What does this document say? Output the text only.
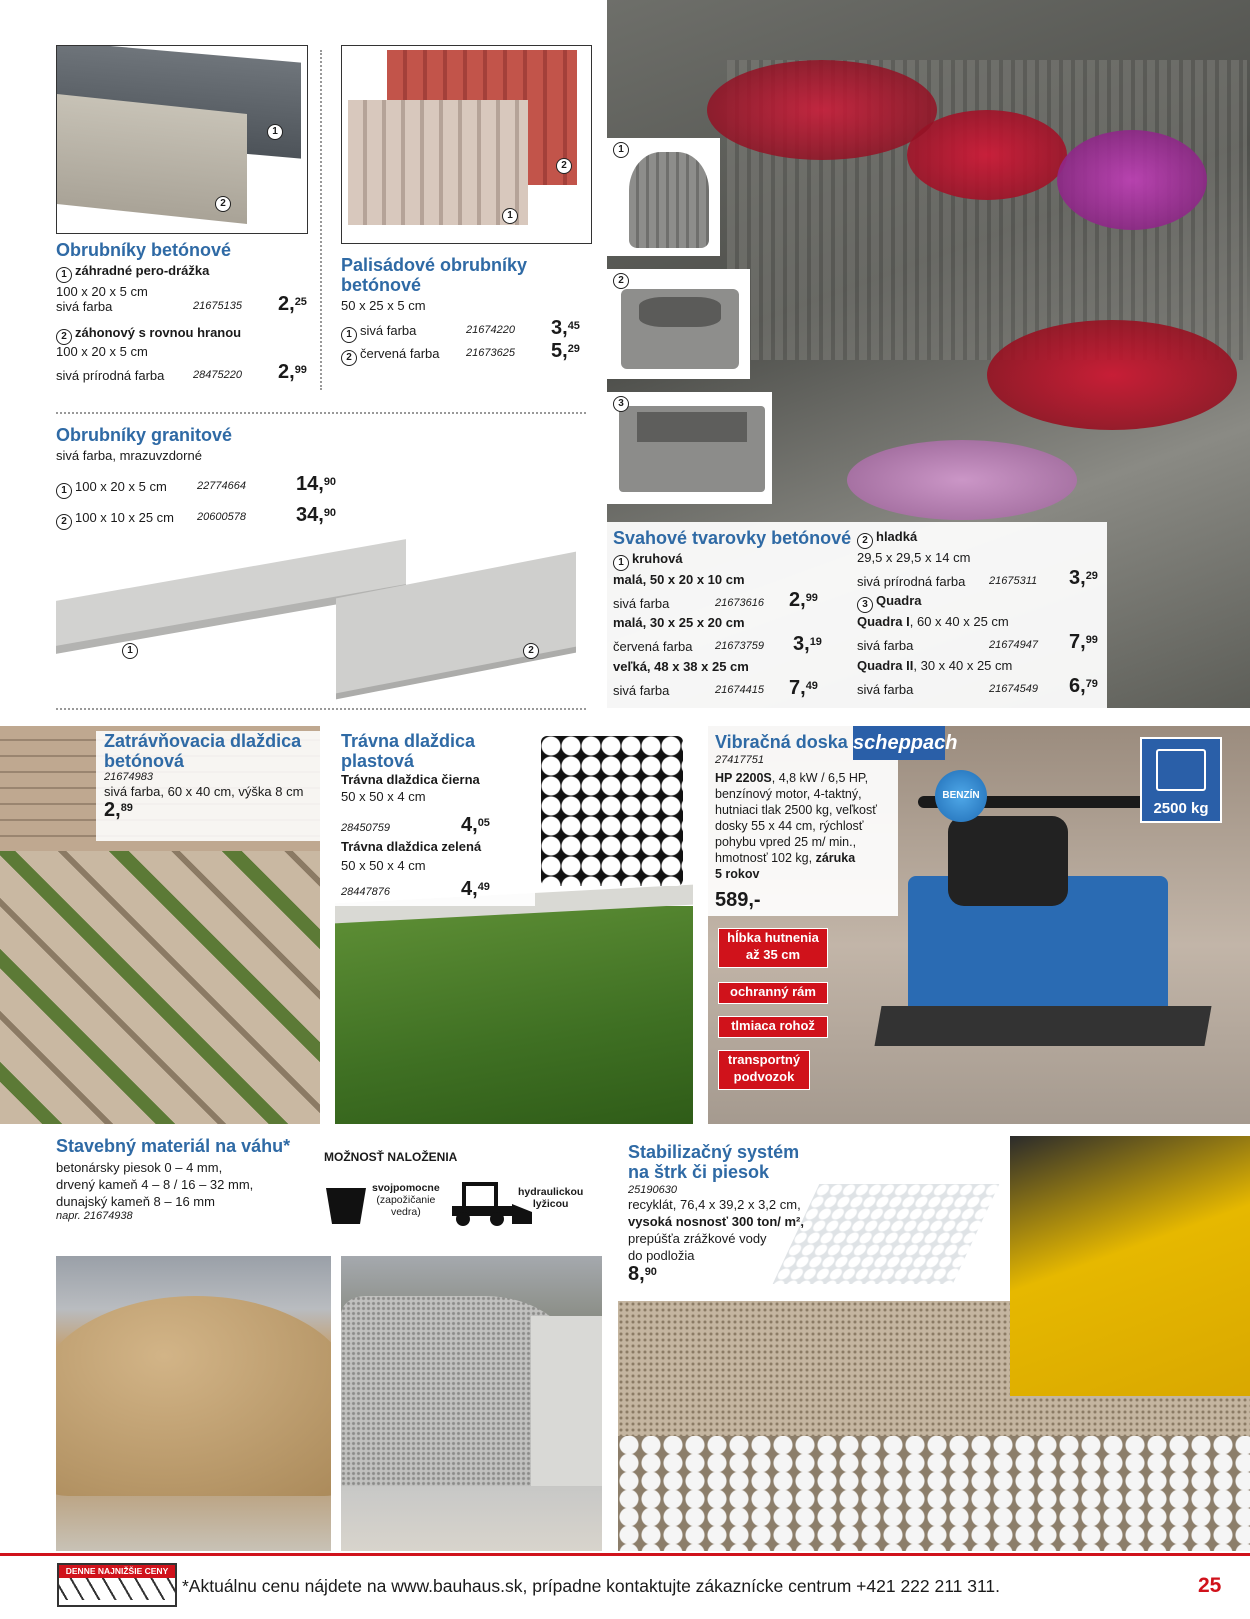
1
2
Obrubníky betónové
1 záhradné pero-drážka
100 x 20 x 5 cm
sivá farba	21675135 2,25
2 záhonový s rovnou hranou
100 x 20 x 5 cm
sivá prírodná farba	28475220 2,99
2
1
Palisádové obrubníky betónové
50 x 25 x 5 cm
1 sivá farba	21674220 3,45
2 červená farba 21673625 5,29
Obrubníky granitové
sivá farba, mrazuvzdorné
1 100 x 20 x 5 cm	22774664	14,90
2 100 x 10 x 25 cm 20600578	34,90
1	2
1
2
3
Svahové tvarovky betónové
1 kruhová
malá, 50 x 20 x 10 cm
sivá farba	21673616 2,99
malá, 30 x 25 x 20 cm
červená farba 21673759 3,19
veľká, 48 x 38 x 25 cm
sivá farba	21674415 7,49
2 hladká
29,5 x 29,5 x 14 cm
sivá prírodná farba 21675311 3,29
3 Quadra
Quadra I, 60 x 40 x 25 cm
sivá farba	21674947 7,99
Quadra II, 30 x 40 x 25 cm
sivá farba	21674549 6,79
Zatrávňovacia dlaždica
betónová
21674983
sivá farba, 60 x 40 cm, výška 8 cm
2,89
Trávna dlaždica
plastová
Trávna dlaždica čierna
50 x 50 x 4 cm
28450759	4,05
Trávna dlaždica zelená
50 x 50 x 4 cm
28447876	4,49
Vibračná doska
27417751
HP 2200S, 4,8 kW / 6,5 HP,
benzínový motor, 4-taktný,
hutniaci tlak 2500 kg, veľkosť
dosky 55 x 44 cm, rýchlosť
pohybu vpred 25 m/ min.,
hmotnosť 102 kg, záruka
5 rokov
589,-
scheppach
BENZÍN
2500 kg
hĺbka hutnenia
až 35 cm
ochranný rám
tlmiaca rohož
transportný
podvozok
Stavebný materiál na váhu*
betonársky piesok 0 – 4 mm,
drvený kameň 4 – 8 / 16 – 32 mm,
dunajský kameň 8 – 16 mm
napr. 21674938
MOŽNOSŤ NALOŽENIA
svojpomocne
(zapožičanie
vedra)
hydraulickou
lyžicou
Stabilizačný systém
na štrk či piesok
25190630
recyklát, 76,4 x 39,2 x 3,2 cm,
vysoká nosnosť 300 ton/ m²,
prepúšťa zrážkové vody
do podložia
8,90
DENNE NAJNIŽŠIE CENY
*Aktuálnu cenu nájdete na www.bauhaus.sk, prípadne kontaktujte zákaznícke centrum +421 222 211 311.	25
